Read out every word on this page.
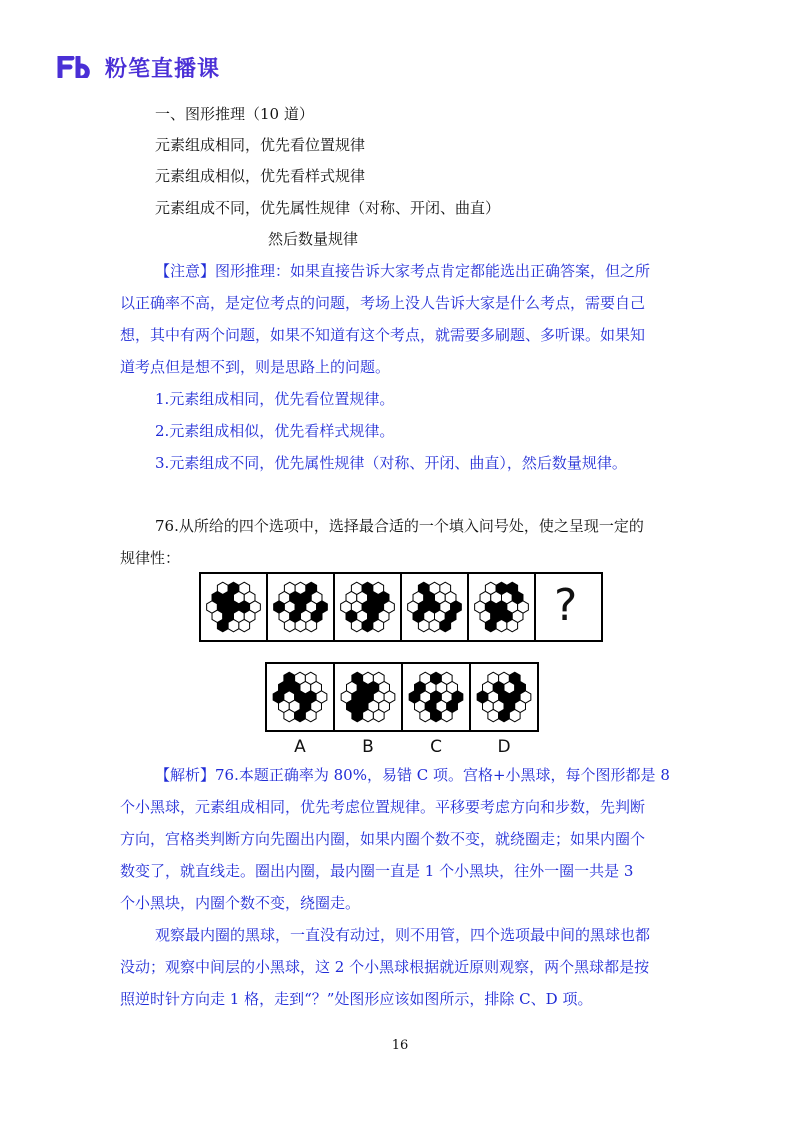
粉笔直播课
一、图形推理（10 道）
元素组成相同，优先看位置规律
元素组成相似，优先看样式规律
元素组成不同，优先属性规律（对称、开闭、曲直）
然后数量规律
【注意】图形推理：如果直接告诉大家考点肯定都能选出正确答案，但之所
以正确率不高，是定位考点的问题，考场上没人告诉大家是什么考点，需要自己
想，其中有两个问题，如果不知道有这个考点，就需要多刷题、多听课。如果知
道考点但是想不到，则是思路上的问题。
1.元素组成相同，优先看位置规律。
2.元素组成相似，优先看样式规律。
3.元素组成不同，优先属性规律（对称、开闭、曲直），然后数量规律。
76.从所给的四个选项中，选择最合适的一个填入问号处，使之呈现一定的
规律性：
?
A	B	C	D
【解析】76.本题正确率为 80%，易错 C 项。宫格+小黑球，每个图形都是 8
个小黑球，元素组成相同，优先考虑位置规律。平移要考虑方向和步数，先判断
方向，宫格类判断方向先圈出内圈，如果内圈个数不变，就绕圈走；如果内圈个
数变了，就直线走。圈出内圈，最内圈一直是 1 个小黑块，往外一圈一共是 3
个小黑块，内圈个数不变，绕圈走。
观察最内圈的黑球，一直没有动过，则不用管，四个选项最中间的黑球也都
没动；观察中间层的小黑球，这 2 个小黑球根据就近原则观察，两个黑球都是按
照逆时针方向走 1 格，走到“？”处图形应该如图所示，排除 C、D 项。
16
